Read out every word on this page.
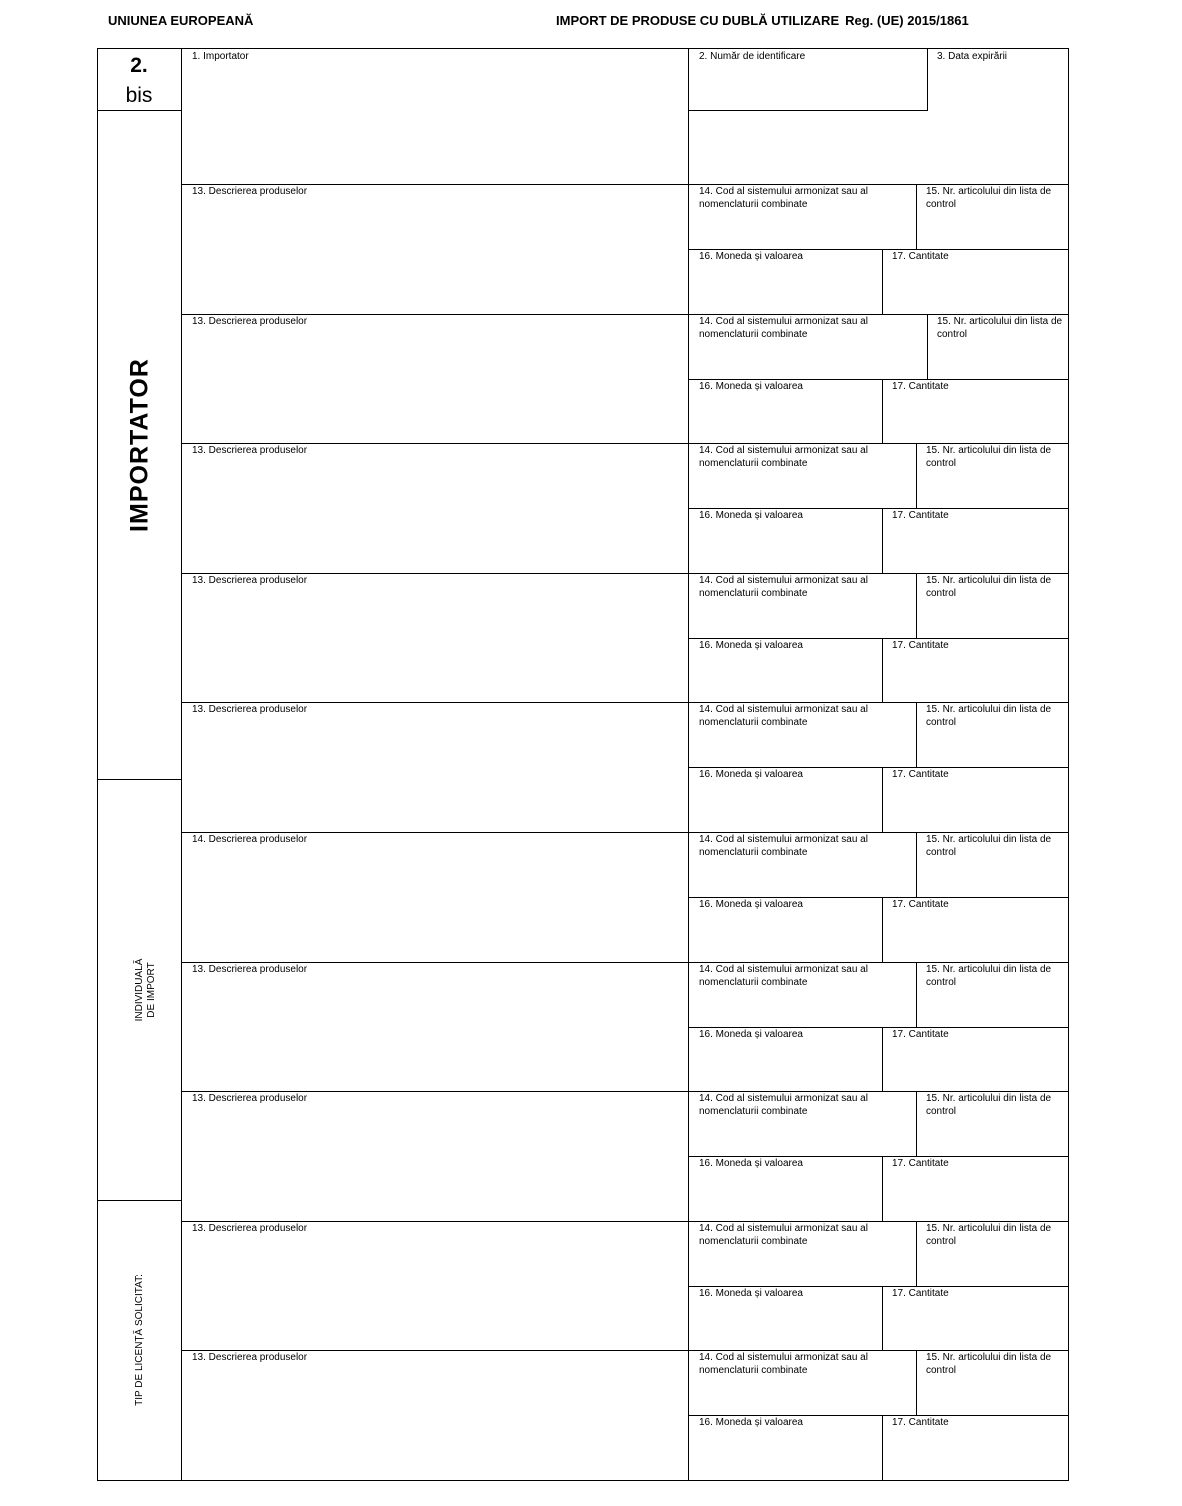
UNIUNEA EUROPEANĂ	IMPORT DE PRODUSE CU DUBLĂ UTILIZARE Reg. (UE) 2015/1861
2.
bis
IMPORTATOR
INDIVIDUALĂ DE IMPORT
TIP DE LICENȚĂ SOLICITAT:
1. Importator	2. Număr de identificare	3. Data expirării
13. Descrierea produselor	14. Cod al sistemului armonizat sau al nomenclaturii combinate
15. Nr. articolului din lista de control
16. Moneda și valoarea	17. Cantitate
13. Descrierea produselor	14. Cod al sistemului armonizat sau al nomenclaturii combinate
15. Nr. articolului din lista de control
16. Moneda și valoarea	17. Cantitate
13. Descrierea produselor	14. Cod al sistemului armonizat sau al nomenclaturii combinate
15. Nr. articolului din lista de control
16. Moneda și valoarea	17. Cantitate
13. Descrierea produselor	14. Cod al sistemului armonizat sau al nomenclaturii combinate
15. Nr. articolului din lista de control
16. Moneda și valoarea	17. Cantitate
13. Descrierea produselor	14. Cod al sistemului armonizat sau al nomenclaturii combinate
15. Nr. articolului din lista de control
16. Moneda și valoarea	17. Cantitate
14. Descrierea produselor	14. Cod al sistemului armonizat sau al nomenclaturii combinate
15. Nr. articolului din lista de control
16. Moneda și valoarea	17. Cantitate
13. Descrierea produselor	14. Cod al sistemului armonizat sau al nomenclaturii combinate
15. Nr. articolului din lista de control
16. Moneda și valoarea	17. Cantitate
13. Descrierea produselor	14. Cod al sistemului armonizat sau al nomenclaturii combinate
15. Nr. articolului din lista de control
16. Moneda și valoarea	17. Cantitate
13. Descrierea produselor	14. Cod al sistemului armonizat sau al nomenclaturii combinate
15. Nr. articolului din lista de control
16. Moneda și valoarea	17. Cantitate
13. Descrierea produselor	14. Cod al sistemului armonizat sau al nomenclaturii combinate
15. Nr. articolului din lista de control
16. Moneda și valoarea	17. Cantitate
